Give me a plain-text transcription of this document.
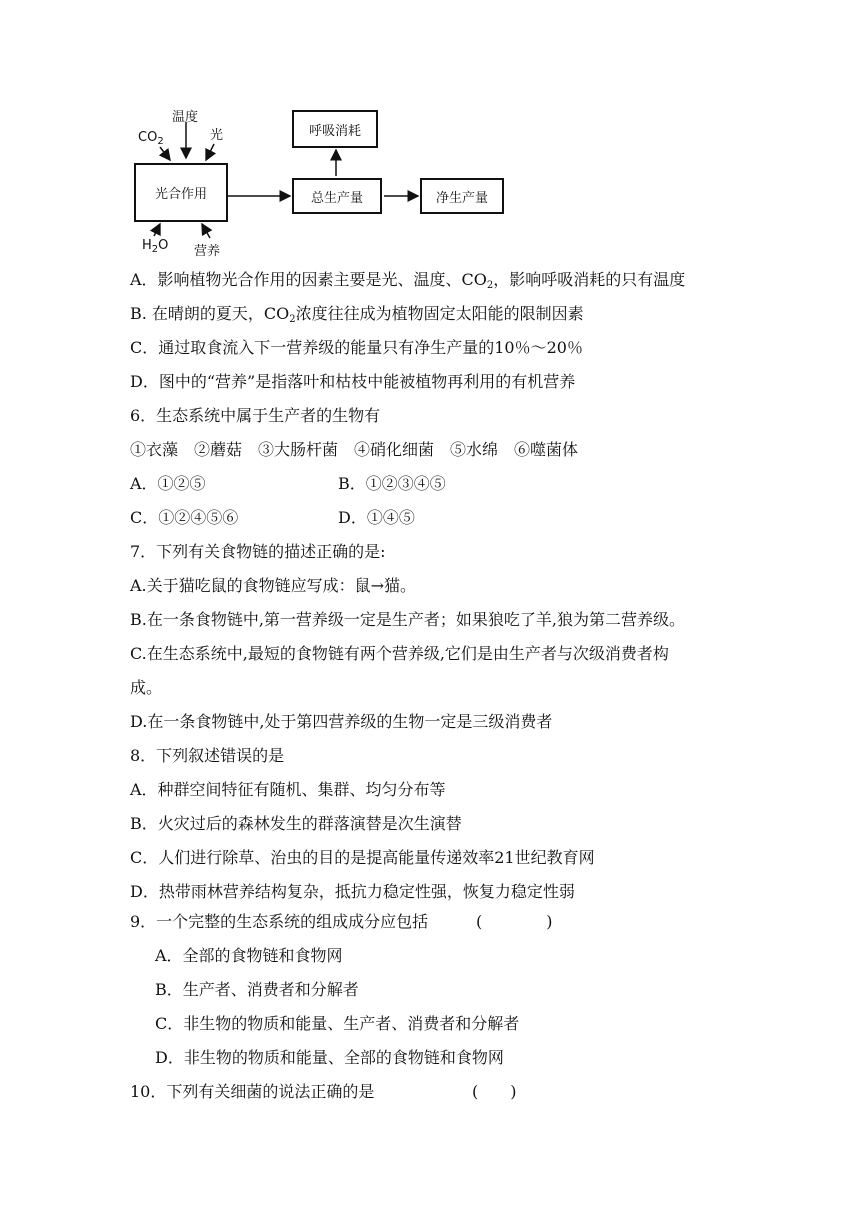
温度
$CO_2$	光
$H_2O$ 营养
光合作用
呼吸消耗
总生产量	净生产量
A．影响植物光合作用的因素主要是光、温度、$CO_2$，影响呼吸消耗的只有温度
B. 在晴朗的夏天，$CO_2$浓度往往成为植物固定太阳能的限制因素
C．通过取食流入下一营养级的能量只有净生产量的10％～20％
D．图中的“营养”是指落叶和枯枝中能被植物再利用的有机营养
6．生态系统中属于生产者的生物有
①衣藻　②蘑菇　③大肠杆菌　④硝化细菌　⑤水绵　⑥噬菌体
A．①②⑤	B．①②③④⑤
C．①②④⑤⑥	D．①④⑤
7．下列有关食物链的描述正确的是:
A.关于猫吃鼠的食物链应写成：鼠→猫。
B.在一条食物链中,第一营养级一定是生产者；如果狼吃了羊,狼为第二营养级。
C.在生态系统中,最短的食物链有两个营养级,它们是由生产者与次级消费者构
成。
D.在一条食物链中,处于第四营养级的生物一定是三级消费者
8．下列叙述错误的是
A．种群空间特征有随机、集群、均匀分布等
B．火灾过后的森林发生的群落演替是次生演替
C．人们进行除草、治虫的目的是提高能量传递效率21世纪教育网
D．热带雨林营养结构复杂，抵抗力稳定性强，恢复力稳定性弱
9．一个完整的生态系统的组成成分应包括	(　　　　)
A．全部的食物链和食物网
B．生产者、消费者和分解者
C．非生物的物质和能量、生产者、消费者和分解者
D．非生物的物质和能量、全部的食物链和食物网
10．下列有关细菌的说法正确的是	(　　)
